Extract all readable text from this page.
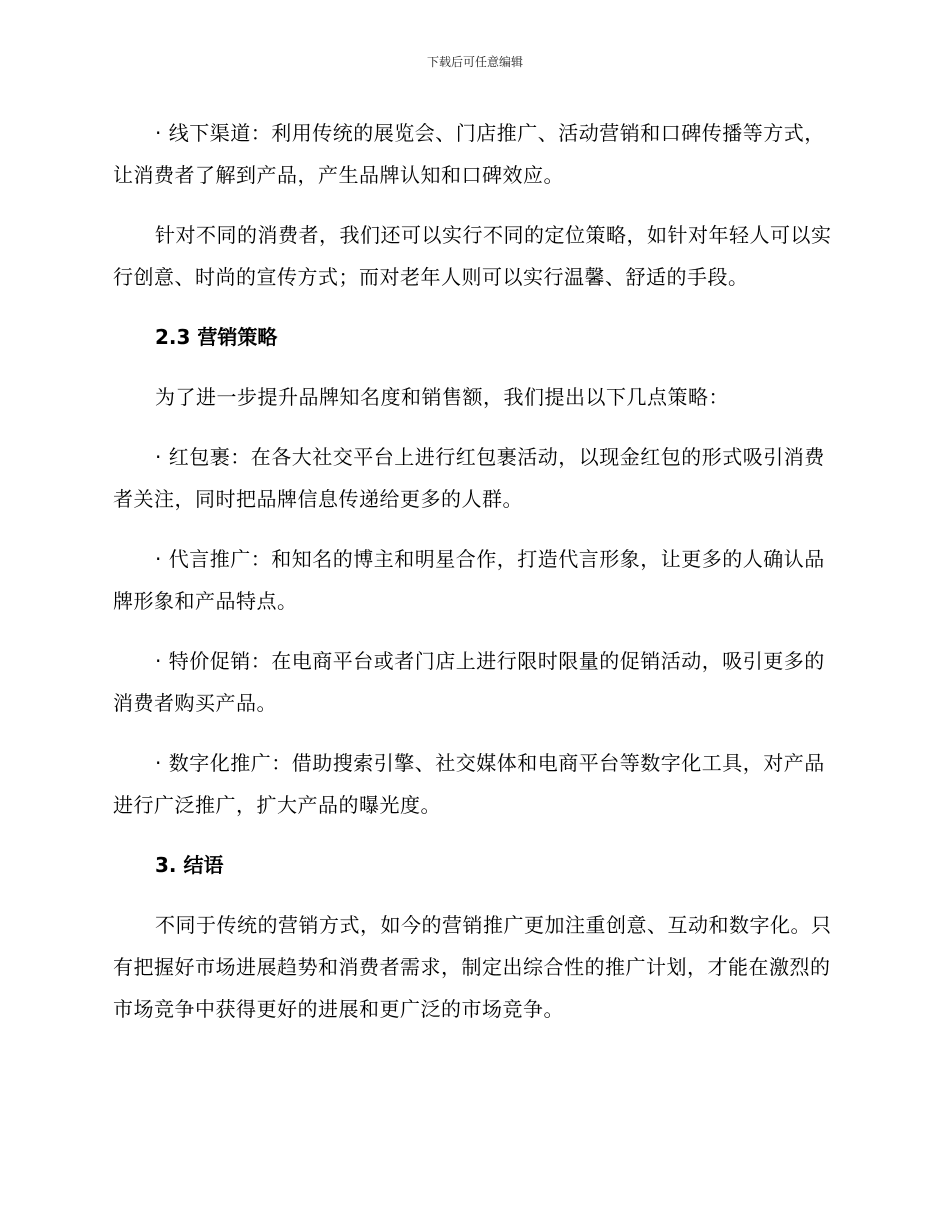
下载后可任意编辑

· 线下渠道：利用传统的展览会、门店推广、活动营销和口碑传播等方式，让消费者了解到产品，产生品牌认知和口碑效应。

针对不同的消费者，我们还可以实行不同的定位策略，如针对年轻人可以实行创意、时尚的宣传方式；而对老年人则可以实行温馨、舒适的手段。

2.3 营销策略

为了进一步提升品牌知名度和销售额，我们提出以下几点策略：

· 红包裹：在各大社交平台上进行红包裹活动，以现金红包的形式吸引消费者关注，同时把品牌信息传递给更多的人群。

· 代言推广：和知名的博主和明星合作，打造代言形象，让更多的人确认品牌形象和产品特点。

· 特价促销：在电商平台或者门店上进行限时限量的促销活动，吸引更多的消费者购买产品。

· 数字化推广：借助搜索引擎、社交媒体和电商平台等数字化工具，对产品进行广泛推广，扩大产品的曝光度。

3. 结语

不同于传统的营销方式，如今的营销推广更加注重创意、互动和数字化。只有把握好市场进展趋势和消费者需求，制定出综合性的推广计划，才能在激烈的市场竞争中获得更好的进展和更广泛的市场竞争。
